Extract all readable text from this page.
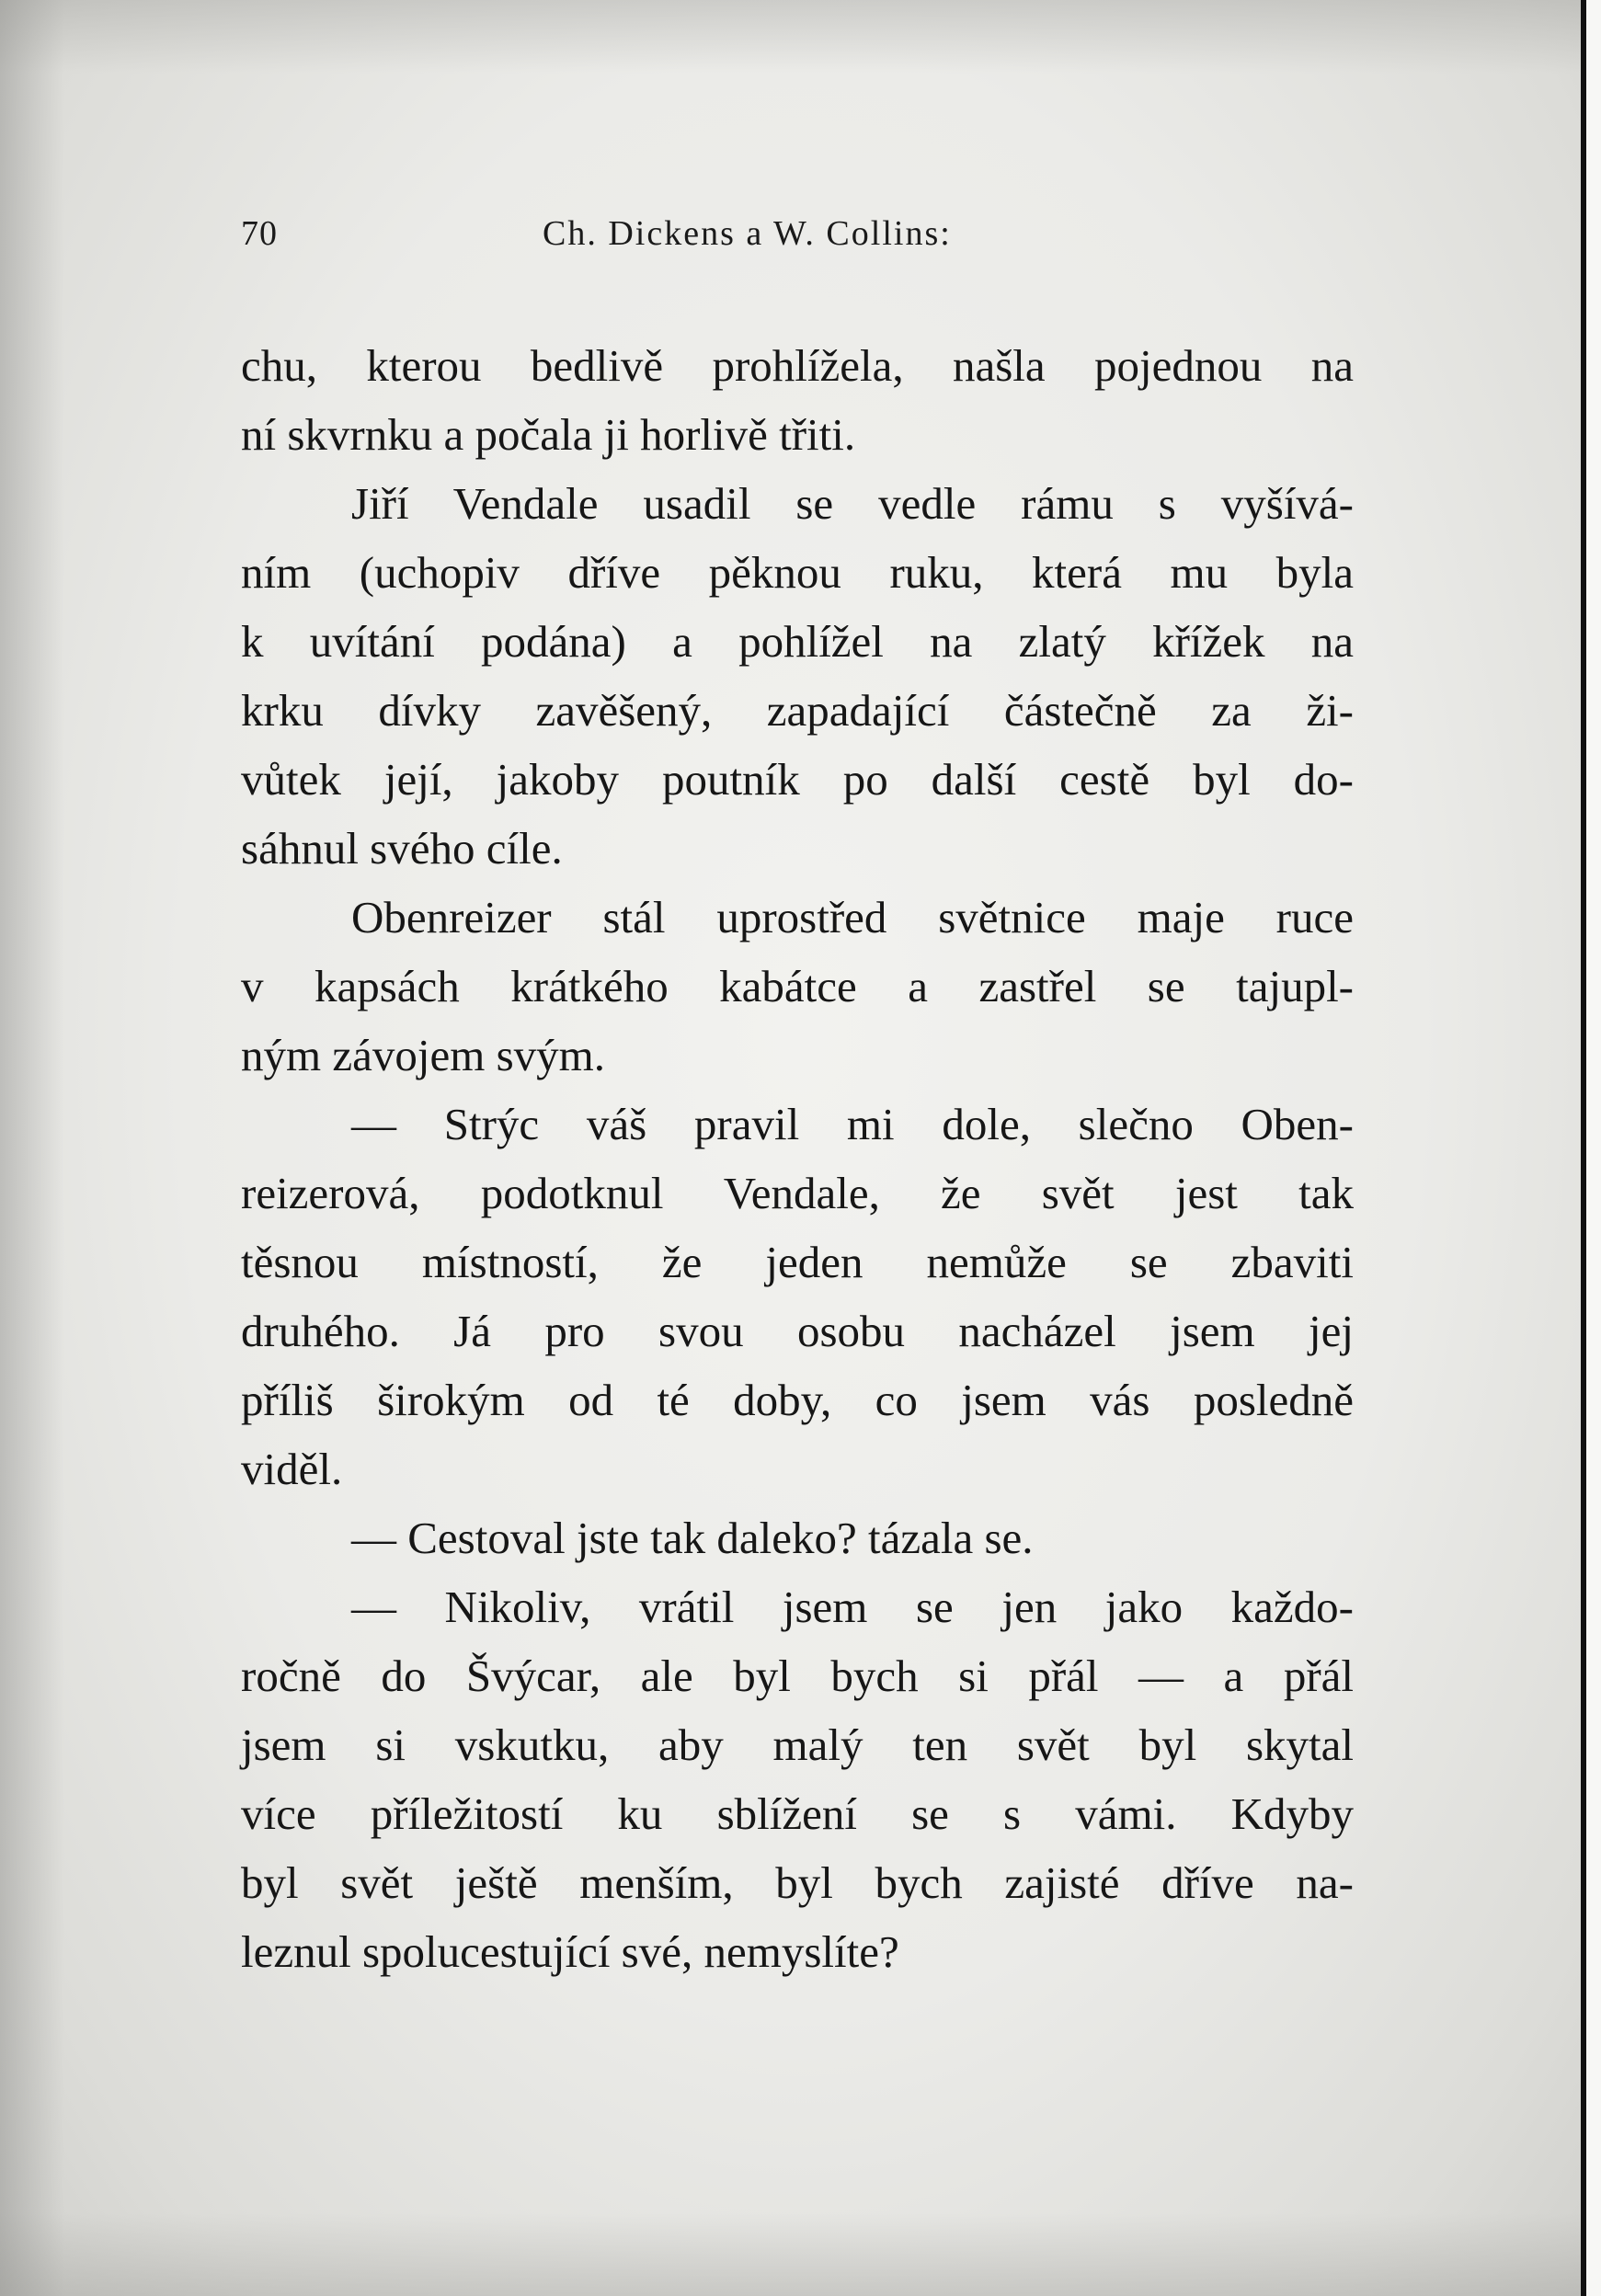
70	Ch. Dickens a W. Collins:
chu, kterou bedlivě prohlížela, našla pojednou na
ní skvrnku a počala ji horlivě třiti.
Jiří Vendale usadil se vedle rámu s vyšívá-
ním (uchopiv dříve pěknou ruku, která mu byla
k uvítání podána) a pohlížel na zlatý křížek na
krku dívky zavěšený, zapadající částečně za ži-
vůtek její, jakoby poutník po další cestě byl do-
sáhnul svého cíle.
Obenreizer stál uprostřed světnice maje ruce
v kapsách krátkého kabátce a zastřel se tajupl-
ným závojem svým.
— Strýc váš pravil mi dole, slečno Oben-
reizerová, podotknul Vendale, že svět jest tak
těsnou místností, že jeden nemůže se zbaviti
druhého. Já pro svou osobu nacházel jsem jej
příliš širokým od té doby, co jsem vás posledně
viděl.
— Cestoval jste tak daleko? tázala se.
— Nikoliv, vrátil jsem se jen jako každo-
ročně do Švýcar, ale byl bych si přál — a přál
jsem si vskutku, aby malý ten svět byl skytal
více příležitostí ku sblížení se s vámi. Kdyby
byl svět ještě menším, byl bych zajisté dříve na-
leznul spolucestující své, nemyslíte?
